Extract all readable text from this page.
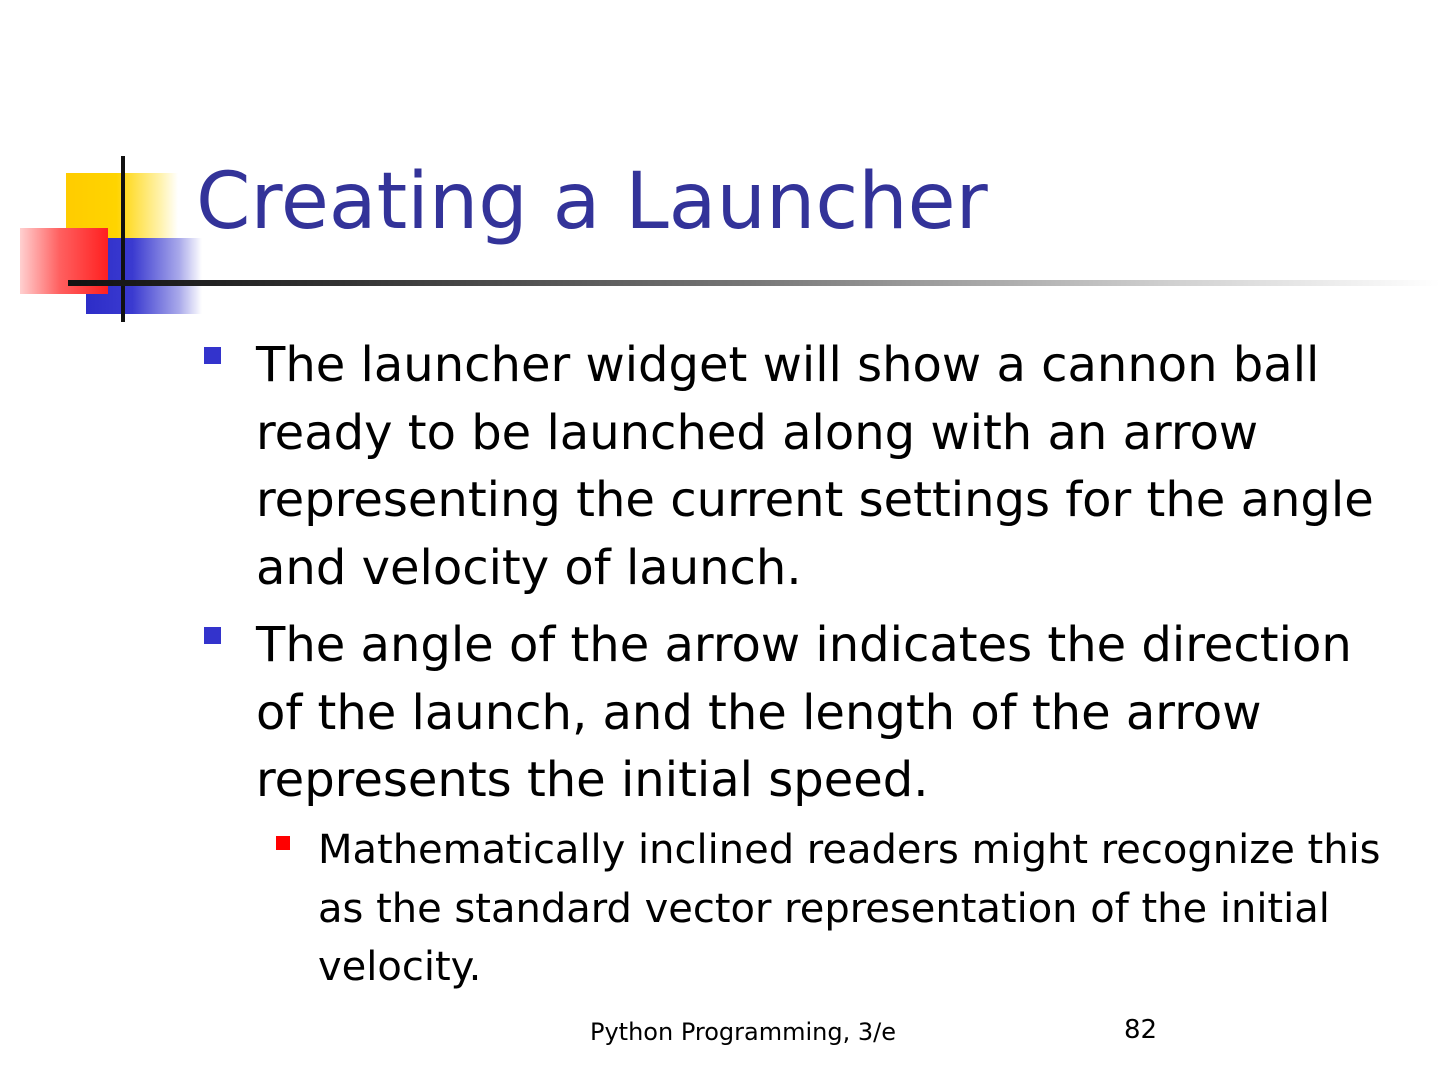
Creating a Launcher
The launcher widget will show a cannon ball ready to be launched along with an arrow representing the current settings for the angle and velocity of launch.
The angle of the arrow indicates the direction of the launch, and the length of the arrow represents the initial speed.
Mathematically inclined readers might recognize this as the standard vector representation of the initial velocity.
Python Programming, 3/e	82
